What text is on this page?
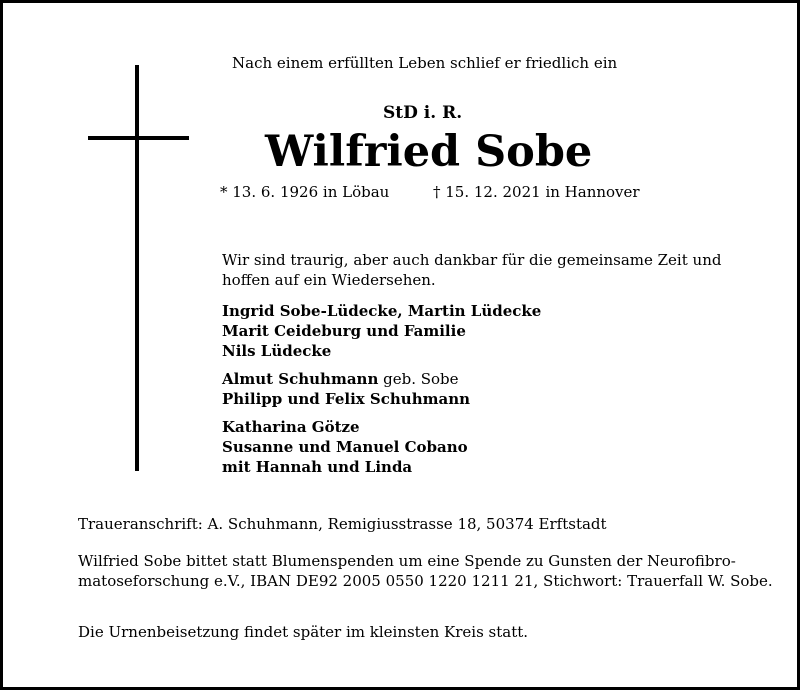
Nach einem erfüllten Leben schlief er friedlich ein
StD i. R.
Wilfried Sobe
* 13. 6. 1926 in Löbau	† 15. 12. 2021 in Hannover
Wir sind traurig, aber auch dankbar für die gemeinsame Zeit und
hoffen auf ein Wiedersehen.
Ingrid Sobe-Lüdecke, Martin Lüdecke
Marit Ceideburg und Familie
Nils Lüdecke
Almut Schuhmann geb. Sobe
Philipp und Felix Schuhmann
Katharina Götze
Susanne und Manuel Cobano
mit Hannah und Linda
Traueranschrift: A. Schuhmann, Remigiusstrasse 18, 50374 Erftstadt
Wilfried Sobe bittet statt Blumenspenden um eine Spende zu Gunsten der Neurofibro-
matoseforschung e.V., IBAN DE92 2005 0550 1220 1211 21, Stichwort: Trauerfall W. Sobe.
Die Urnenbeisetzung findet später im kleinsten Kreis statt.
